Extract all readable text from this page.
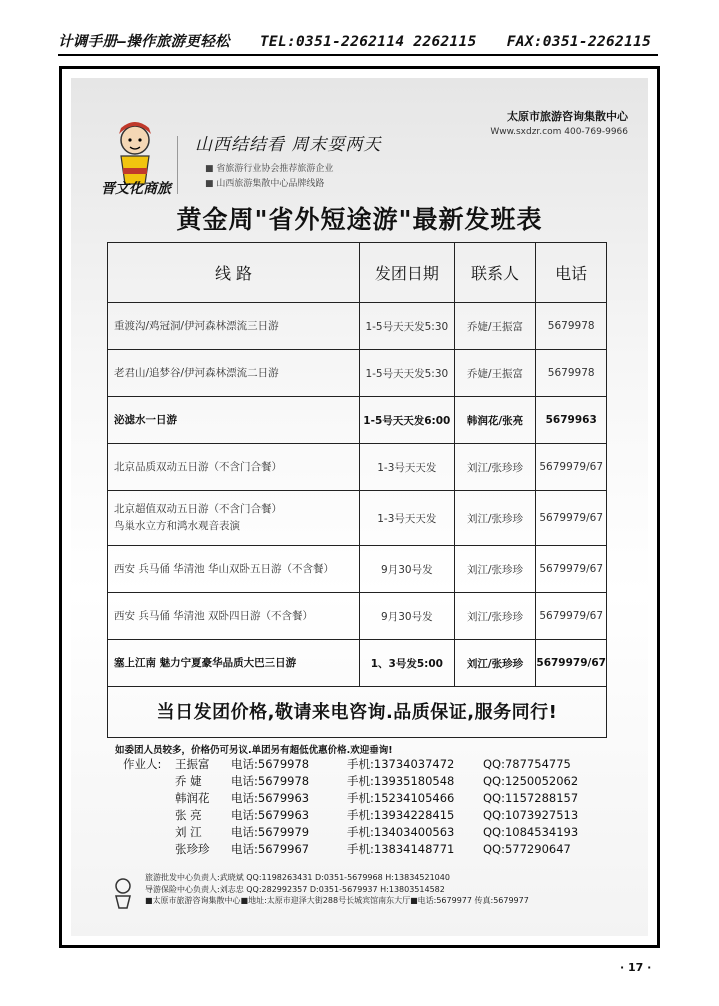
计调手册—操作旅游更轻松 TEL:0351-2262114 2262115 FAX:0351-2262115
太原市旅游咨询集散中心
Www.sxdzr.com 400-769-9966
晋文化商旅
山西结结看 周末耍两天
■ 省旅游行业协会推荐旅游企业
■ 山西旅游集散中心品牌线路
黄金周"省外短途游"最新发班表
线 路	发团日期	联系人	电话
重渡沟/鸡冠洞/伊河森林漂流三日游	1-5号天天发5:30	乔婕/王振富	5679978
老君山/追梦谷/伊河森林漂流二日游	1-5号天天发5:30	乔婕/王振富	5679978
泌滤水一日游	1-5号天天发6:00	韩润花/张亮	5679963
北京品质双动五日游（不含门合餐）	1-3号天天发	刘江/张珍珍	5679979/67

北京超值双动五日游（不含门合餐）
鸟巢水立方和鸿水观音表演	1-3号天天发	刘江/张珍珍	5679979/67
西安 兵马俑 华清池 华山双卧五日游（不含餐）	9月30号发	刘江/张珍珍	5679979/67
西安 兵马俑 华清池 双卧四日游（不含餐）	9月30号发	刘江/张珍珍	5679979/67
塞上江南 魅力宁夏豪华品质大巴三日游	1、3号发5:00	刘江/张珍珍	5679979/67
当日发团价格,敬请来电咨询.品质保证,服务同行!
如委团人员较多，价格仍可另议.单团另有超低优惠价格.欢迎垂询!
作业人:	王振富	电话:5679978	手机:13734037472	QQ:787754775
乔 婕	电话:5679978	手机:13935180548	QQ:1250052062
韩润花	电话:5679963	手机:15234105466	QQ:1157288157
张 亮	电话:5679963	手机:13934228415	QQ:1073927513
刘 江	电话:5679979	手机:13403400563	QQ:1084534193
张珍珍	电话:5679967	手机:13834148771	QQ:577290647
旅游批发中心负责人:武晓斌 QQ:1198263431 D:0351-5679968 H:13834521040
导游保险中心负责人:刘志忠 QQ:282992357 D:0351-5679937 H:13803514582
■太原市旅游咨询集散中心■地址:太原市迎泽大街288号长城宾馆南东大厅■电话:5679977 传真:5679977
· 17 ·
